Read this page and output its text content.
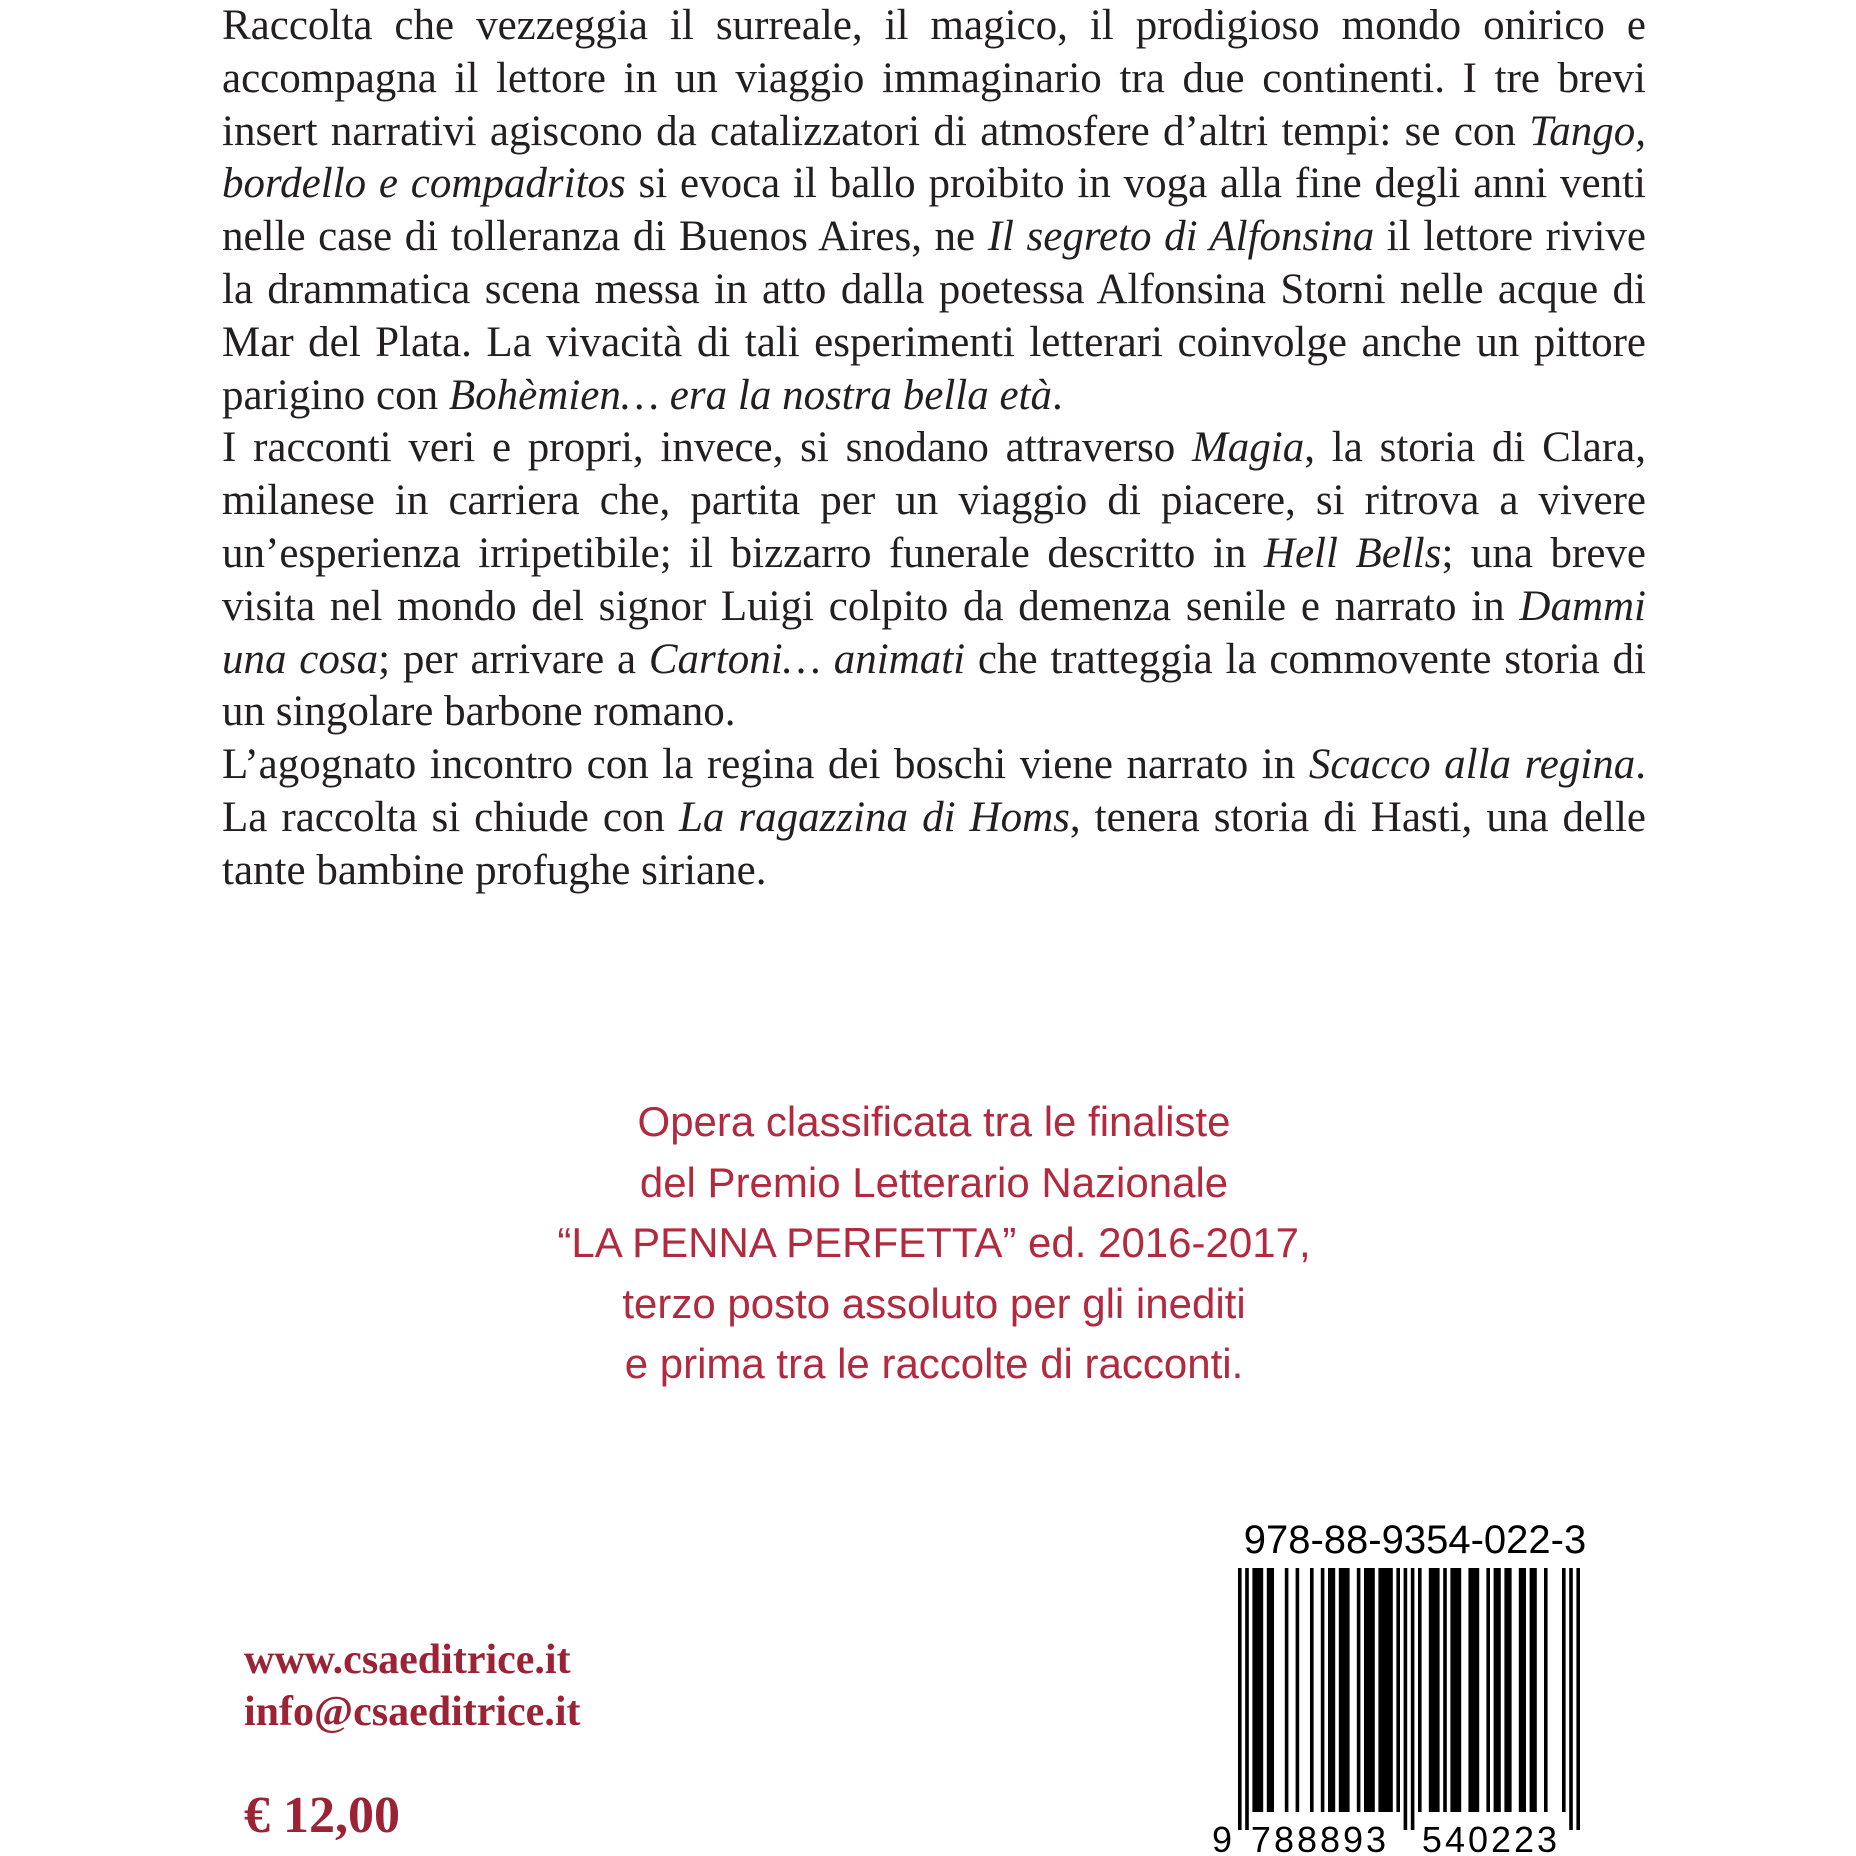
Raccolta che vezzeggia il surreale, il magico, il prodigioso mondo onirico e accompagna il lettore in un viaggio immaginario tra due continenti. I tre brevi insert narrativi agiscono da catalizzatori di atmosfere d’altri tempi: se con Tango, bordello e compadritos si evoca il ballo proibito in voga alla fine degli anni venti nelle case di tolleranza di Buenos Aires, ne Il segreto di Alfonsina il lettore rivive la drammatica scena messa in atto dalla poetessa Alfonsina Storni nelle acque di Mar del Plata. La vivacità di tali esperimenti letterari coinvolge anche un pittore parigino con Bohèmien… era la nostra bella età.

I racconti veri e propri, invece, si snodano attraverso Magia, la storia di Clara, milanese in carriera che, partita per un viaggio di piacere, si ritrova a vivere un’esperienza irripetibile; il bizzarro funerale descritto in Hell Bells; una breve visita nel mondo del signor Luigi colpito da demenza senile e narrato in Dammi una cosa; per arrivare a Cartoni… animati che tratteggia la commovente storia di un singolare barbone romano.

L’agognato incontro con la regina dei boschi viene narrato in Scacco alla regina. La raccolta si chiude con La ragazzina di Homs, tenera storia di Hasti, una delle tante bambine profughe siriane.

Opera classificata tra le finaliste
del Premio Letterario Nazionale
“LA PENNA PERFETTA” ed. 2016-2017,
terzo posto assoluto per gli inediti
e prima tra le raccolte di racconti.
www.csaeditrice.it
info@csaeditrice.it
€ 12,00
978-88-9354-022-3
9 788893 540223
